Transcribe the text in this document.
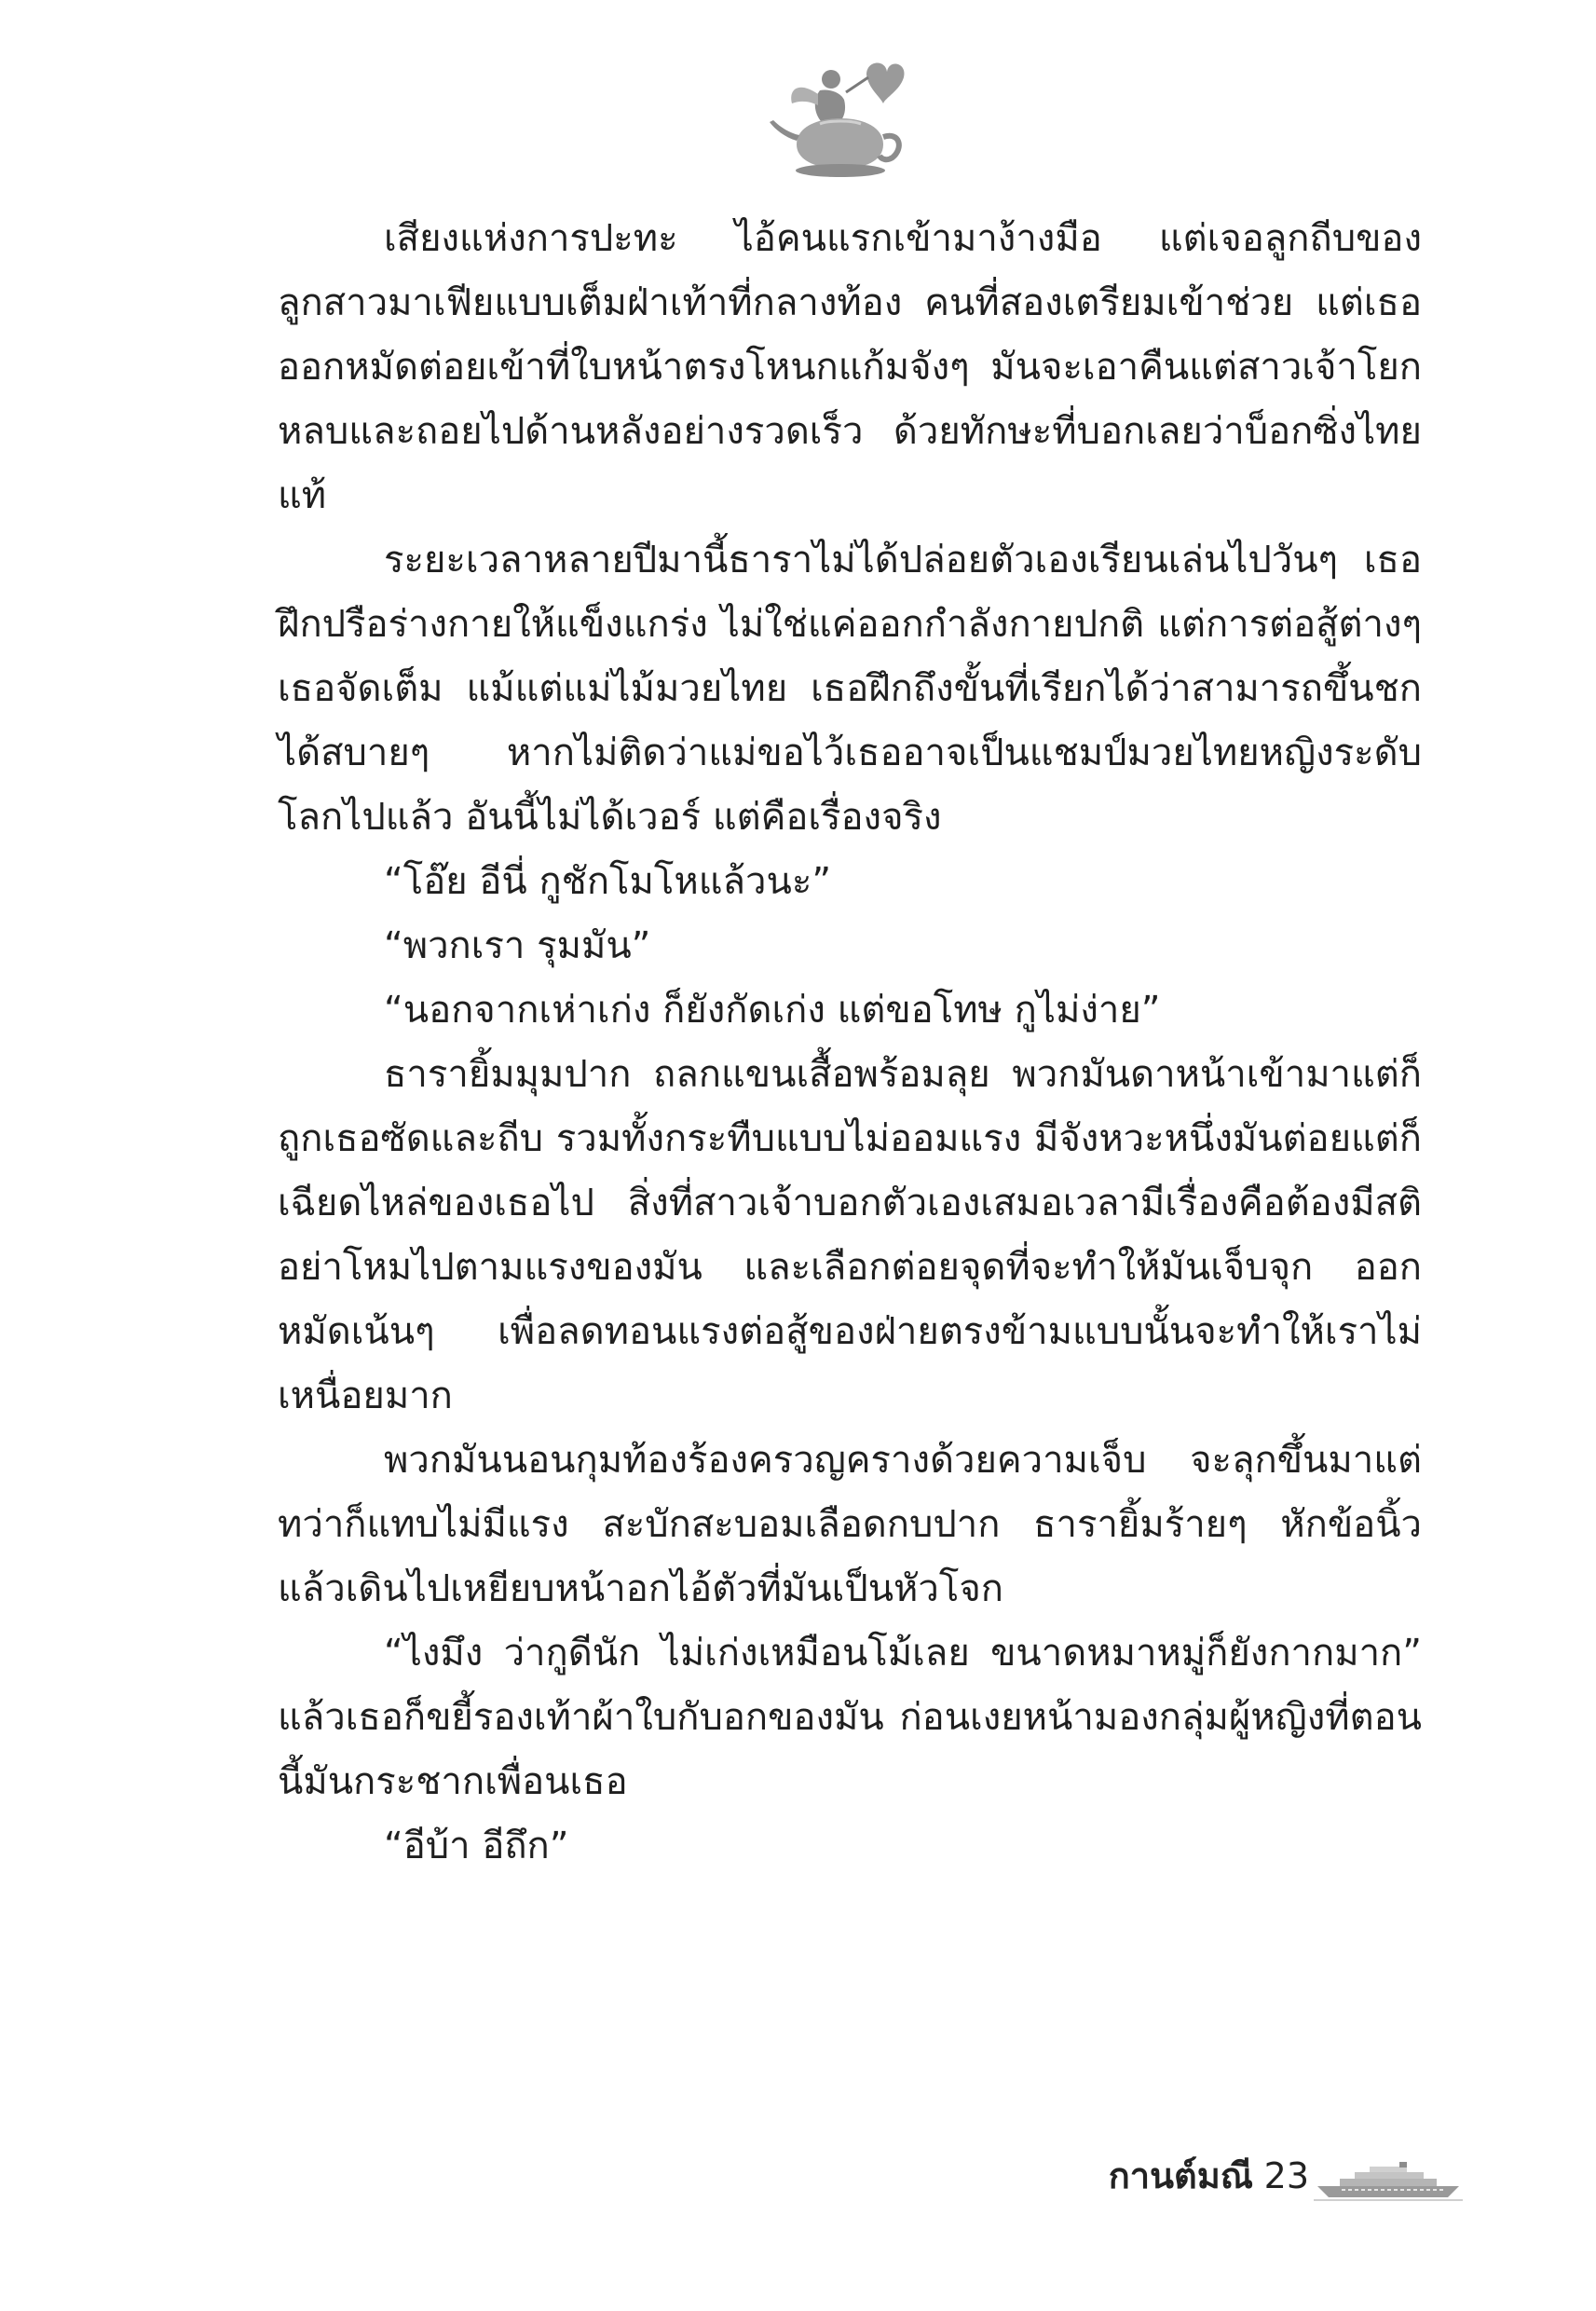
เสียงแห่งการปะทะ ไอ้คนแรกเข้ามาง้างมือ แต่เจอลูกถีบของลูกสาวมาเฟียแบบเต็มฝ่าเท้าที่กลางท้อง คนที่สองเตรียมเข้าช่วย แต่เธอออกหมัดต่อยเข้าที่ใบหน้าตรงโหนกแก้มจังๆ มันจะเอาคืนแต่สาวเจ้าโยกหลบและถอยไปด้านหลังอย่างรวดเร็ว ด้วยทักษะที่บอกเลยว่าบ็อกซิ่งไทยแท้

ระยะเวลาหลายปีมานี้ธาราไม่ได้ปล่อยตัวเองเรียนเล่นไปวันๆ เธอฝึกปรือร่างกายให้แข็งแกร่ง ไม่ใช่แค่ออกกำลังกายปกติ แต่การต่อสู้ต่างๆ เธอจัดเต็ม แม้แต่แม่ไม้มวยไทย เธอฝึกถึงขั้นที่เรียกได้ว่าสามารถขึ้นชกได้สบายๆ หากไม่ติดว่าแม่ขอไว้เธออาจเป็นแชมป์มวยไทยหญิงระดับโลกไปแล้ว อันนี้ไม่ได้เวอร์ แต่คือเรื่องจริง

“โอ๊ย อีนี่ กูชักโมโหแล้วนะ”

“พวกเรา รุมมัน”

“นอกจากเห่าเก่ง ก็ยังกัดเก่ง แต่ขอโทษ กูไม่ง่าย”

ธารายิ้มมุมปาก ถลกแขนเสื้อพร้อมลุย พวกมันดาหน้าเข้ามาแต่ก็ถูกเธอซัดและถีบ รวมทั้งกระทืบแบบไม่ออมแรง มีจังหวะหนึ่งมันต่อยแต่ก็เฉียดไหล่ของเธอไป สิ่งที่สาวเจ้าบอกตัวเองเสมอเวลามีเรื่องคือต้องมีสติ อย่าโหมไปตามแรงของมัน และเลือกต่อยจุดที่จะทำให้มันเจ็บจุก ออกหมัดเน้นๆ เพื่อลดทอนแรงต่อสู้ของฝ่ายตรงข้ามแบบนั้นจะทำให้เราไม่เหนื่อยมาก

พวกมันนอนกุมท้องร้องครวญครางด้วยความเจ็บ จะลุกขึ้นมาแต่ทว่าก็แทบไม่มีแรง สะบักสะบอมเลือดกบปาก ธารายิ้มร้ายๆ หักข้อนิ้วแล้วเดินไปเหยียบหน้าอกไอ้ตัวที่มันเป็นหัวโจก

“ไงมึง ว่ากูดีนัก ไม่เก่งเหมือนโม้เลย ขนาดหมาหมู่ก็ยังกากมาก” แล้วเธอก็ขยี้รองเท้าผ้าใบกับอกของมัน ก่อนเงยหน้ามองกลุ่มผู้หญิงที่ตอนนี้มันกระชากเพื่อนเธอ

“อีบ้า อีถึก”

กานต์มณี 23
